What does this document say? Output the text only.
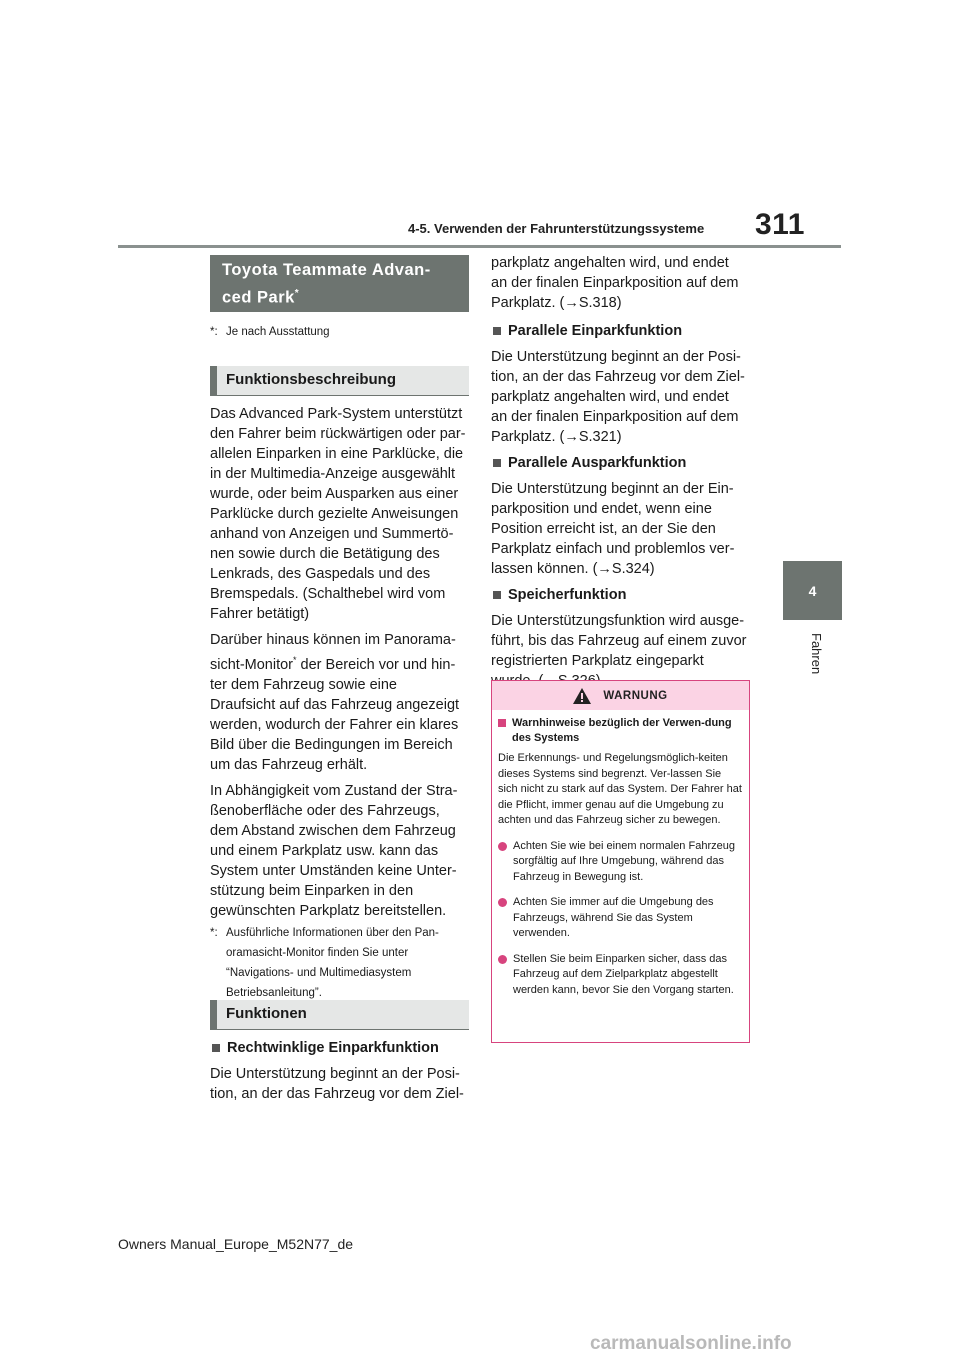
4-5. Verwenden der Fahrunterstützungssysteme 311
4
Fahren
Toyota Teammate Advan-ced Park*
*: Je nach Ausstattung
Funktionsbeschreibung

Das Advanced Park-System unterstützt
den Fahrer beim rückwärtigen oder par-
allelen Einparken in eine Parklücke, die
in der Multimedia-Anzeige ausgewählt
wurde, oder beim Ausparken aus einer
Parklücke durch gezielte Anweisungen
anhand von Anzeigen und Summertö-
nen sowie durch die Betätigung des
Lenkrads, des Gaspedals und des
Bremspedals. (Schalthebel wird vom
Fahrer betätigt)

Darüber hinaus können im Panorama-
sicht-Monitor* der Bereich vor und hin-
ter dem Fahrzeug sowie eine
Draufsicht auf das Fahrzeug angezeigt
werden, wodurch der Fahrer ein klares
Bild über die Bedingungen im Bereich
um das Fahrzeug erhält.

In Abhängigkeit vom Zustand der Stra-
ßenoberfläche oder des Fahrzeugs,
dem Abstand zwischen dem Fahrzeug
und einem Parkplatz usw. kann das
System unter Umständen keine Unter-
stützung beim Einparken in den
gewünschten Parkplatz bereitstellen.

*: Ausführliche Informationen über den Pan-
oramasicht-Monitor finden Sie unter
“Navigations- und Multimediasystem
Betriebsanleitung”.
Funktionen
Rechtwinklige Einparkfunktion

Die Unterstützung beginnt an der Posi-
tion, an der das Fahrzeug vor dem Ziel-

parkplatz angehalten wird, und endet
an der finalen Einparkposition auf dem
Parkplatz. (→S.318)

Parallele Einparkfunktion

Die Unterstützung beginnt an der Posi-
tion, an der das Fahrzeug vor dem Ziel-
parkplatz angehalten wird, und endet
an der finalen Einparkposition auf dem
Parkplatz. (→S.321)

Parallele Ausparkfunktion

Die Unterstützung beginnt an der Ein-
parkposition und endet, wenn eine
Position erreicht ist, an der Sie den
Parkplatz einfach und problemlos ver-
lassen können. (→S.324)

Speicherfunktion

Die Unterstützungsfunktion wird ausge-
führt, bis das Fahrzeug auf einem zuvor
registrierten Parkplatz eingeparkt

WARNUNG
Warnhinweise bezüglich der Verwen-dung des Systems

Die Erkennungs- und Regelungsmöglich-keiten dieses Systems sind begrenzt. Ver-lassen Sie sich nicht zu stark auf das System. Der Fahrer hat die Pflicht, immer genau auf die Umgebung zu achten und das Fahrzeug sicher zu bewegen.

Achten Sie wie bei einem normalen Fahrzeug sorgfältig auf Ihre Umgebung, während das Fahrzeug in Bewegung ist.
Achten Sie immer auf die Umgebung des Fahrzeugs, während Sie das System verwenden.
Stellen Sie beim Einparken sicher, dass das Fahrzeug auf dem Zielparkplatz abgestellt werden kann, bevor Sie den Vorgang starten.
Owners Manual_Europe_M52N77_de
carmanualsonline.info
